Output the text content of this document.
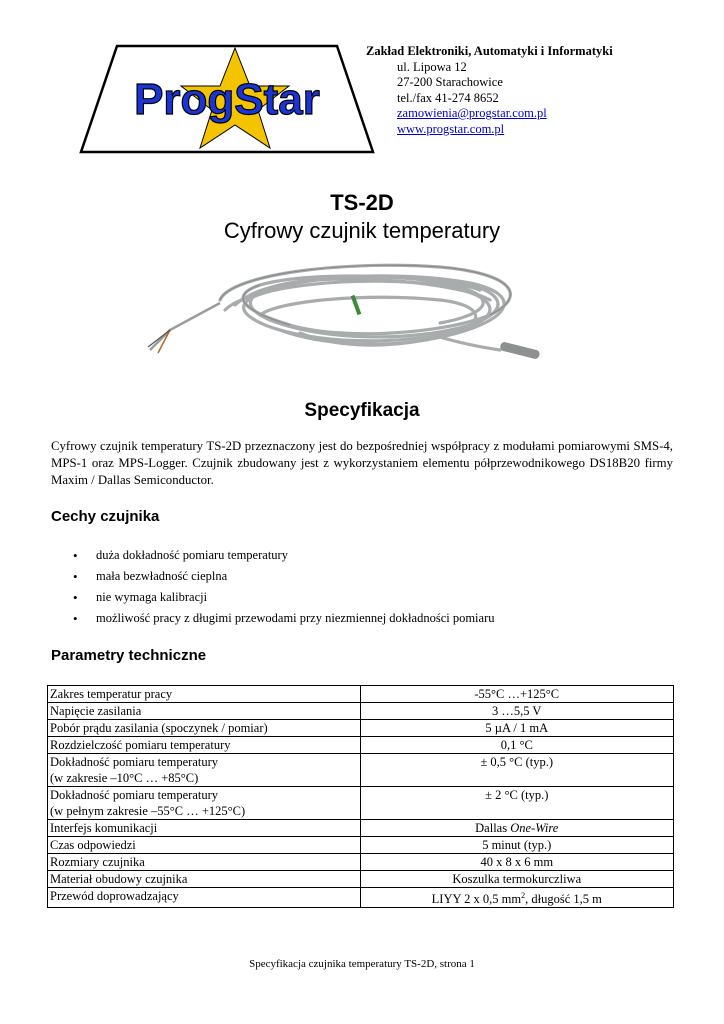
ProgStar
Zakład Elektroniki, Automatyki i Informatyki
ul. Lipowa 12
27-200 Starachowice
tel./fax 41-274 8652
zamowienia@progstar.com.pl
www.progstar.com.pl
TS-2D
Cyfrowy czujnik temperatury
Specyfikacja
Cyfrowy czujnik temperatury TS-2D przeznaczony jest do bezpośredniej współpracy z modułami pomiarowymi SMS-4, MPS-1 oraz MPS-Logger. Czujnik zbudowany jest z wykorzystaniem elementu półprzewodnikowego DS18B20 firmy Maxim / Dallas Semiconductor.
Cechy czujnika
• duża dokładność pomiaru temperatury
• mała bezwładność cieplna
• nie wymaga kalibracji
• możliwość pracy z długimi przewodami przy niezmiennej dokładności pomiaru
Parametry techniczne
Zakres temperatur pracy	-55°C …+125°C
Napięcie zasilania	3 …5,5 V
Pobór prądu zasilania (spoczynek / pomiar)	5 µA / 1 mA
Rozdzielczość pomiaru temperatury	0,1 °C

Dokładność pomiaru temperatury
(w zakresie –10°C … +85°C)	± 0,5 °C (typ.)

Dokładność pomiaru temperatury
(w pełnym zakresie –55°C … +125°C)	± 2 °C (typ.)
Interfejs komunikacji	Dallas One-Wire
Czas odpowiedzi	5 minut (typ.)
Rozmiary czujnika	40 x 8 x 6 mm
Materiał obudowy czujnika	Koszulka termokurczliwa
Przewód doprowadzający	LIYY 2 x 0,5 $mm^2$, długość 1,5 m
Specyfikacja czujnika temperatury TS-2D, strona 1
